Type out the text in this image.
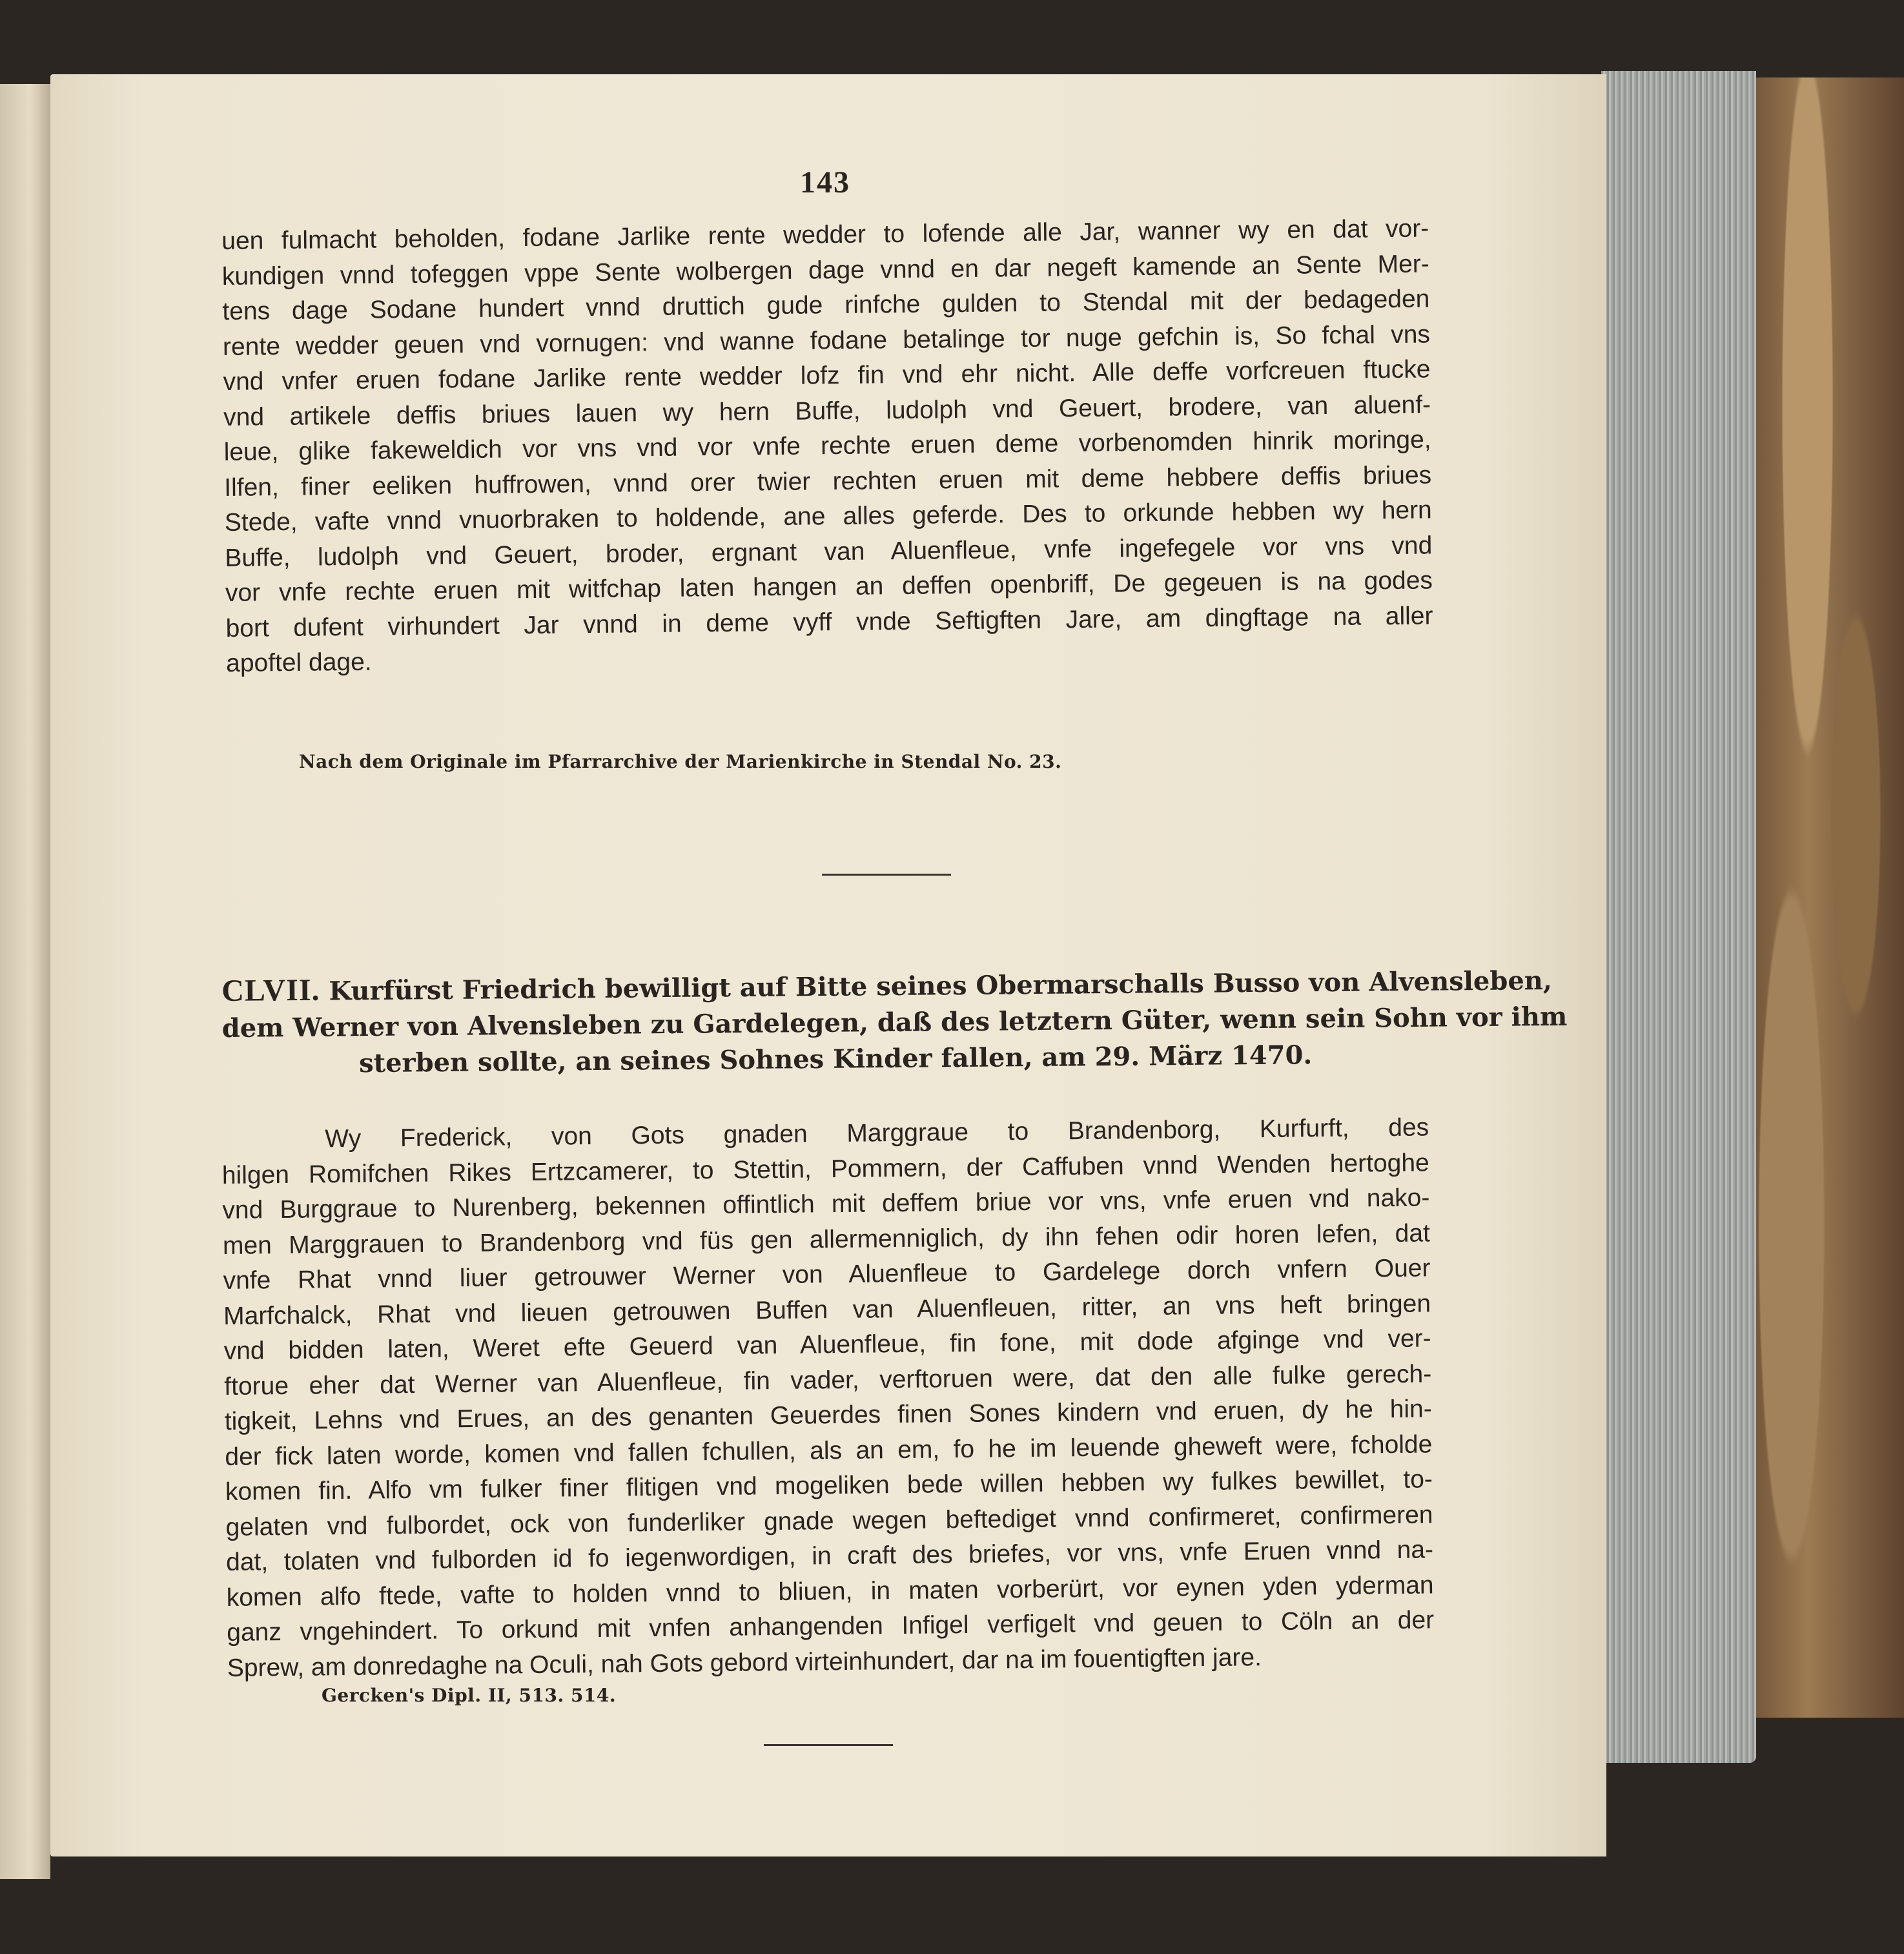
143
uen fulmacht beholden, fodane Jarlike rente wedder to lofende alle Jar, wanner wy en dat vor-
kundigen vnnd tofeggen vppe Sente wolbergen dage vnnd en dar negeft kamende an Sente Mer-
tens dage Sodane hundert vnnd druttich gude rinfche gulden to Stendal mit der bedageden
rente wedder geuen vnd vornugen: vnd wanne fodane betalinge tor nuge gefchin is, So fchal vns
vnd vnfer eruen fodane Jarlike rente wedder lofz fin vnd ehr nicht. Alle deffe vorfcreuen ftucke
vnd artikele deffis briues lauen wy hern Buffe, ludolph vnd Geuert, brodere, van aluenf-
leue, glike fakeweldich vor vns vnd vor vnfe rechte eruen deme vorbenomden hinrik moringe,
Ilfen, finer eeliken huffrowen, vnnd orer twier rechten eruen mit deme hebbere deffis briues
Stede, vafte vnnd vnuorbraken to holdende, ane alles geferde. Des to orkunde hebben wy hern
Buffe, ludolph vnd Geuert, broder, ergnant van Aluenfleue, vnfe ingefegele vor vns vnd
vor vnfe rechte eruen mit witfchap laten hangen an deffen openbriff, De gegeuen is na godes
bort dufent virhundert Jar vnnd in deme vyff vnde Seftigften Jare, am dingftage na aller
apoftel dage.
Nach dem Originale im Pfarrarchive der Marienkirche in Stendal No. 23.
CLVII. Kurfürst Friedrich bewilligt auf Bitte seines Obermarschalls Busso von Alvensleben,
dem Werner von Alvensleben zu Gardelegen, daß des letztern Güter, wenn sein Sohn vor ihm
sterben sollte, an seines Sohnes Kinder fallen, am 29. März 1470.
Wy Frederick, von Gots gnaden Marggraue to Brandenborg, Kurfurft, des
hilgen Romifchen Rikes Ertzcamerer, to Stettin, Pommern, der Caffuben vnnd Wenden hertoghe
vnd Burggraue to Nurenberg, bekennen offintlich mit deffem briue vor vns, vnfe eruen vnd nako-
men Marggrauen to Brandenborg vnd füs gen allermenniglich, dy ihn fehen odir horen lefen, dat
vnfe Rhat vnnd liuer getrouwer Werner von Aluenfleue to Gardelege dorch vnfern Ouer
Marfchalck, Rhat vnd lieuen getrouwen Buffen van Aluenfleuen, ritter, an vns heft bringen
vnd bidden laten, Weret efte Geuerd van Aluenfleue, fin fone, mit dode afginge vnd ver-
ftorue eher dat Werner van Aluenfleue, fin vader, verftoruen were, dat den alle fulke gerech-
tigkeit, Lehns vnd Erues, an des genanten Geuerdes finen Sones kindern vnd eruen, dy he hin-
der fick laten worde, komen vnd fallen fchullen, als an em, fo he im leuende gheweft were, fcholde
komen fin. Alfo vm fulker finer flitigen vnd mogeliken bede willen hebben wy fulkes bewillet, to-
gelaten vnd fulbordet, ock von funderliker gnade wegen beftediget vnnd confirmeret, confirmeren
dat, tolaten vnd fulborden id fo iegenwordigen, in craft des briefes, vor vns, vnfe Eruen vnnd na-
komen alfo ftede, vafte to holden vnnd to bliuen, in maten vorberürt, vor eynen yden yderman
ganz vngehindert. To orkund mit vnfen anhangenden Infigel verfigelt vnd geuen to Cöln an der
Sprew, am donredaghe na Oculi, nah Gots gebord virteinhundert, dar na im fouentigften jare.
Gercken's Dipl. II, 513. 514.
